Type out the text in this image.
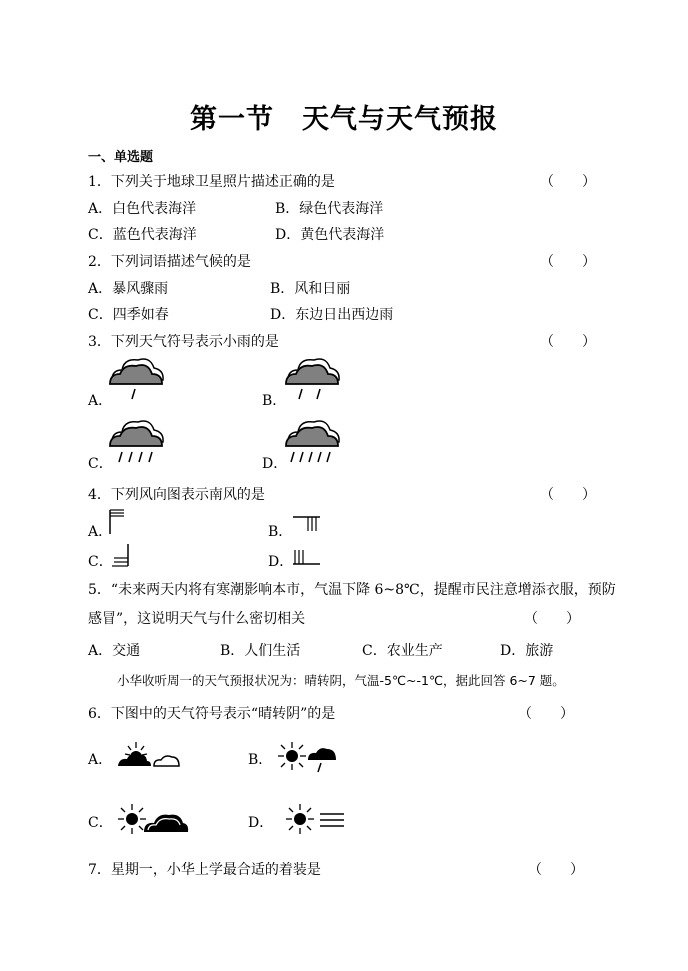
第一节　天气与天气预报
一、单选题
1．下列关于地球卫星照片描述正确的是	（　　）
A．白色代表海洋	B．绿色代表海洋
C．蓝色代表海洋	D．黄色代表海洋
2．下列词语描述气候的是	（　　）
A．暴风骤雨	B．风和日丽
C．四季如春	D．东边日出西边雨
3．下列天气符号表示小雨的是	（　　）
A．	B．
C．	D．
4．下列风向图表示南风的是	（　　）
A．	B．
C．	D．
5．“未来两天内将有寒潮影响本市，气温下降 6~8℃，提醒市民注意增添衣服，预防
感冒”，这说明天气与什么密切相关	（　　）
A．交通	B．人们生活	C．农业生产	D．旅游
小华收听周一的天气预报状况为：晴转阴，气温-5℃~-1℃，据此回答 6~7 题。
6．下图中的天气符号表示“晴转阴”的是	（　　）
A．	B．
C．	D．
7．星期一，小华上学最合适的着装是	（　　）
